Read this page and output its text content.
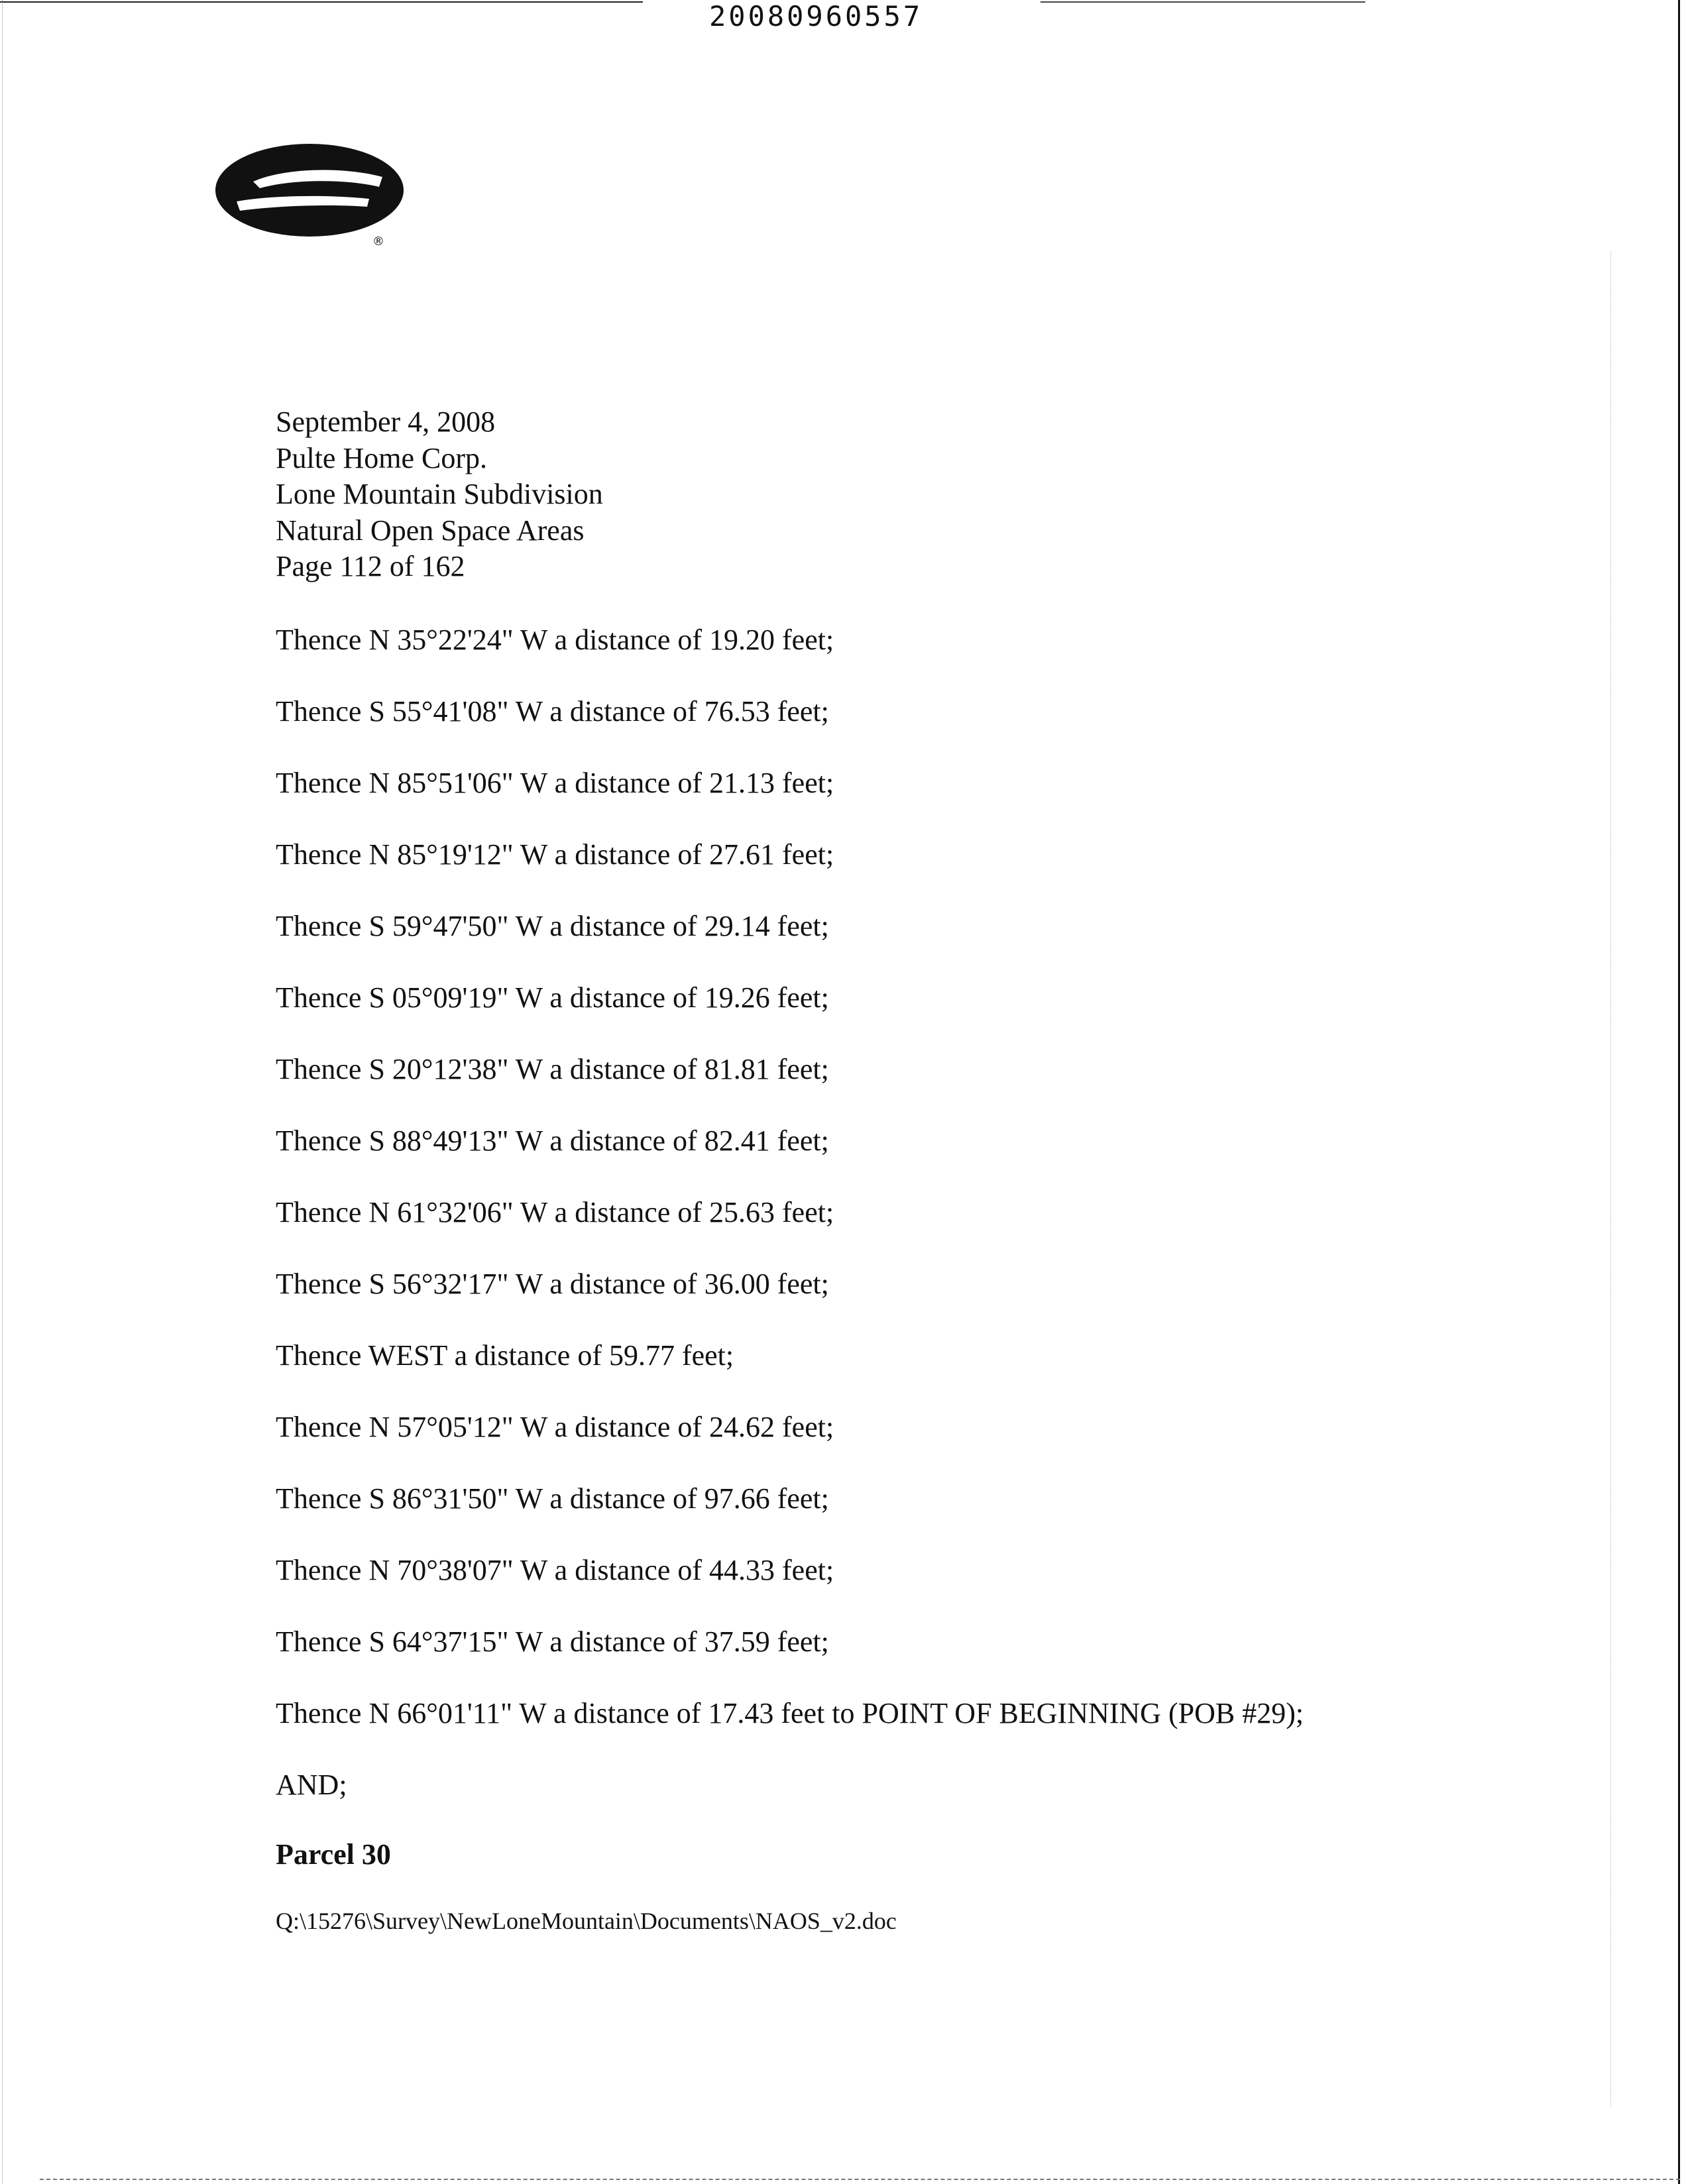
20080960557
®
September 4, 2008
Pulte Home Corp.
Lone Mountain Subdivision
Natural Open Space Areas
Page 112 of 162
Thence N 35°22'24" W a distance of 19.20 feet;
Thence S 55°41'08" W a distance of 76.53 feet;
Thence N 85°51'06" W a distance of 21.13 feet;
Thence N 85°19'12" W a distance of 27.61 feet;
Thence S 59°47'50" W a distance of 29.14 feet;
Thence S 05°09'19" W a distance of 19.26 feet;
Thence S 20°12'38" W a distance of 81.81 feet;
Thence S 88°49'13" W a distance of 82.41 feet;
Thence N 61°32'06" W a distance of 25.63 feet;
Thence S 56°32'17" W a distance of 36.00 feet;
Thence WEST a distance of 59.77 feet;
Thence N 57°05'12" W a distance of 24.62 feet;
Thence S 86°31'50" W a distance of 97.66 feet;
Thence N 70°38'07" W a distance of 44.33 feet;
Thence S 64°37'15" W a distance of 37.59 feet;
Thence N 66°01'11" W a distance of 17.43 feet to POINT OF BEGINNING (POB #29);
AND;
Parcel 30
Q:\15276\Survey\NewLoneMountain\Documents\NAOS_v2.doc
